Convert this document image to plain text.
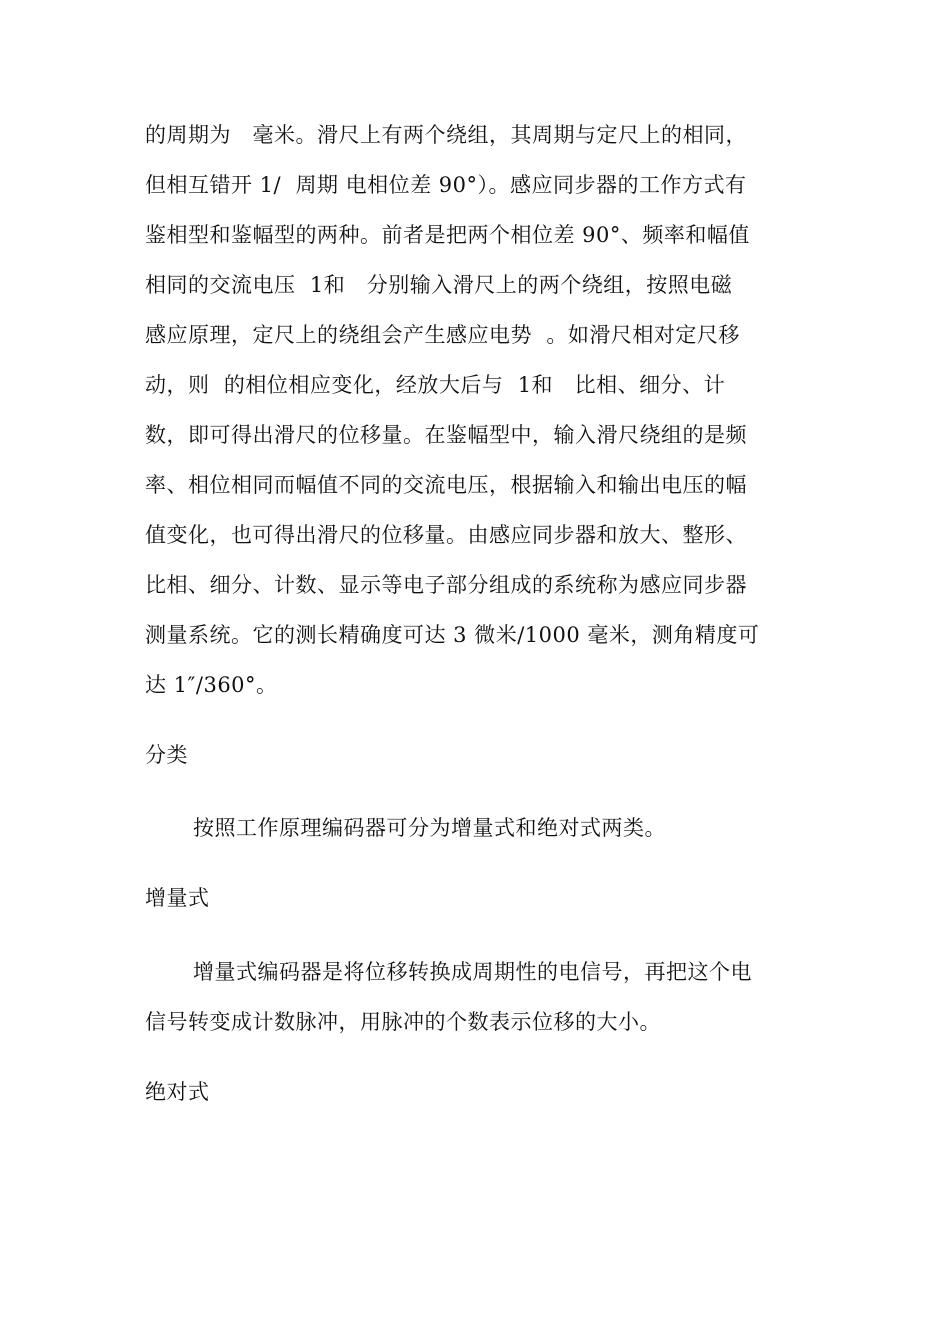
的周期为   毫米。滑尺上有两个绕组，其周期与定尺上的相同，
但相互错开 1/  周期 电相位差 90°）。感应同步器的工作方式有
鉴相型和鉴幅型的两种。前者是把两个相位差 90°、频率和幅值
相同的交流电压  1和   分别输入滑尺上的两个绕组，按照电磁
感应原理，定尺上的绕组会产生感应电势  。如滑尺相对定尺移
动，则  的相位相应变化，经放大后与  1和   比相、细分、计
数，即可得出滑尺的位移量。在鉴幅型中，输入滑尺绕组的是频
率、相位相同而幅值不同的交流电压，根据输入和输出电压的幅
值变化，也可得出滑尺的位移量。由感应同步器和放大、整形、
比相、细分、计数、显示等电子部分组成的系统称为感应同步器
测量系统。它的测长精确度可达 3 微米/1000 毫米，测角精度可
达 1″/360°。
分类
按照工作原理编码器可分为增量式和绝对式两类。
增量式
增量式编码器是将位移转换成周期性的电信号，再把这个电
信号转变成计数脉冲，用脉冲的个数表示位移的大小。
绝对式
